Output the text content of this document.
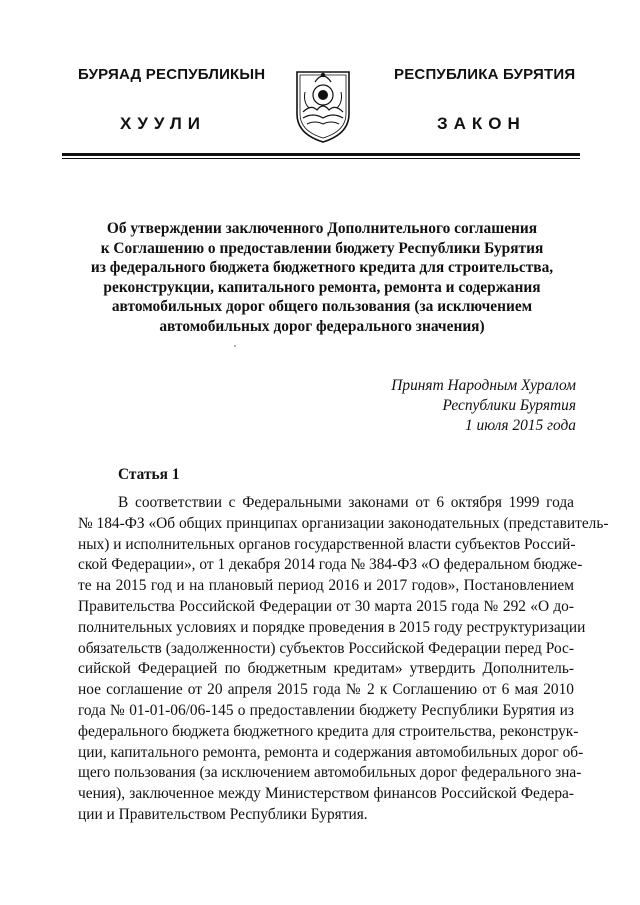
БУРЯАД РЕСПУБЛИКЫН
ХУУЛИ
РЕСПУБЛИКА БУРЯТИЯ
ЗАКОН
Об утверждении заключенного Дополнительного соглашения
к Соглашению о предоставлении бюджету Республики Бурятия
из федерального бюджета бюджетного кредита для строительства,
реконструкции, капитального ремонта, ремонта и содержания
автомобильных дорог общего пользования (за исключением
автомобильных дорог федерального значения)
Принят Народным Хуралом
Республики Бурятия
1 июля 2015 года
Статья 1
В соответствии с Федеральными законами от 6 октября 1999 года
№ 184-ФЗ «Об общих принципах организации законодательных (представитель-
ных) и исполнительных органов государственной власти субъектов Россий-
ской Федерации», от 1 декабря 2014 года № 384-ФЗ «О федеральном бюдже-
те на 2015 год и на плановый период 2016 и 2017 годов», Постановлением
Правительства Российской Федерации от 30 марта 2015 года № 292 «О до-
полнительных условиях и порядке проведения в 2015 году реструктуризации
обязательств (задолженности) субъектов Российской Федерации перед Рос-
сийской Федерацией по бюджетным кредитам» утвердить Дополнитель-
ное соглашение от 20 апреля 2015 года № 2 к Соглашению от 6 мая 2010
года № 01-01-06/06-145 о предоставлении бюджету Республики Бурятия из
федерального бюджета бюджетного кредита для строительства, реконструк-
ции, капитального ремонта, ремонта и содержания автомобильных дорог об-
щего пользования (за исключением автомобильных дорог федерального зна-
чения), заключенное между Министерством финансов Российской Федера-
ции и Правительством Республики Бурятия.
